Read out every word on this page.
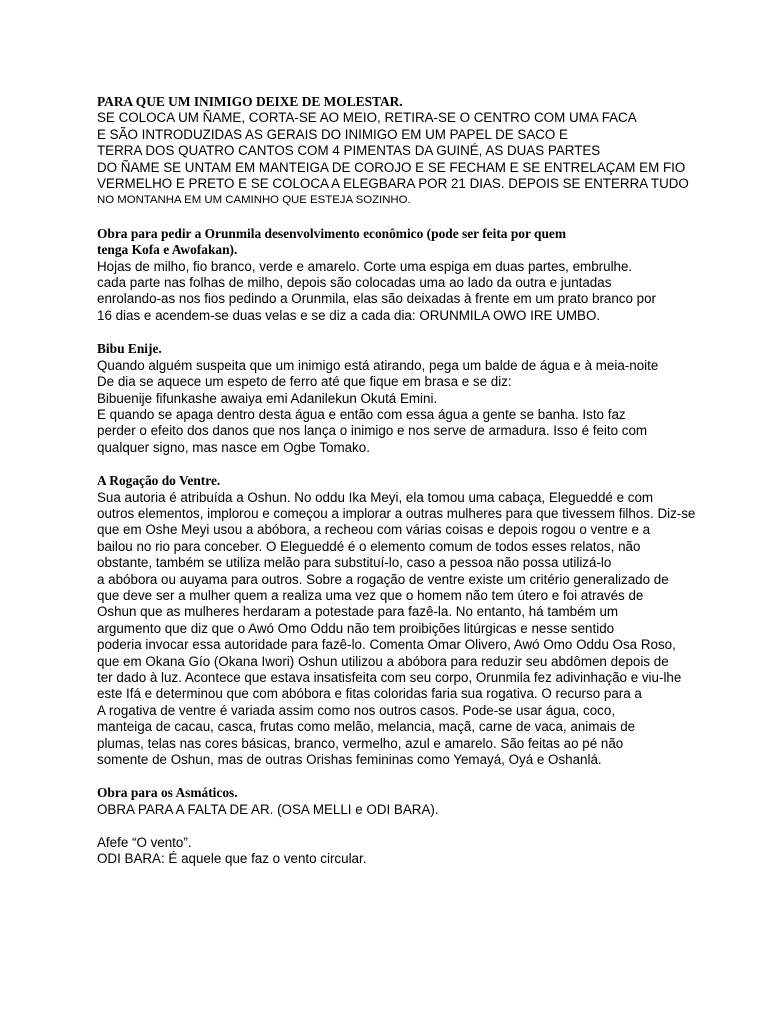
PARA QUE UM INIMIGO DEIXE DE MOLESTAR.
SE COLOCA UM ÑAME, CORTA-SE AO MEIO, RETIRA-SE O CENTRO COM UMA FACA
E SÃO INTRODUZIDAS AS GERAIS DO INIMIGO EM UM PAPEL DE SACO E
TERRA DOS QUATRO CANTOS COM 4 PIMENTAS DA GUINÉ, AS DUAS PARTES
DO ÑAME SE UNTAM EM MANTEIGA DE COROJO E SE FECHAM E SE ENTRELAÇAM EM FIO
VERMELHO E PRETO E SE COLOCA A ELEGBARA POR 21 DIAS. DEPOIS SE ENTERRA TUDO
NO MONTANHA EM UM CAMINHO QUE ESTEJA SOZINHO.
Obra para pedir a Orunmila desenvolvimento econômico (pode ser feita por quem
tenga Kofa e Awofakan).
Hojas de milho, fio branco, verde e amarelo. Corte uma espiga em duas partes, embrulhe.
cada parte nas folhas de milho, depois são colocadas uma ao lado da outra e juntadas
enrolando-as nos fios pedindo a Orunmila, elas são deixadas à frente em um prato branco por
16 dias e acendem-se duas velas e se diz a cada dia: ORUNMILA OWO IRE UMBO.
Bibu Enije.
Quando alguém suspeita que um inimigo está atirando, pega um balde de água e à meia-noite
De dia se aquece um espeto de ferro até que fique em brasa e se diz:
Bibuenije fifunkashe awaiya emi Adanilekun Okutá Emini.
E quando se apaga dentro desta água e então com essa água a gente se banha. Isto faz
perder o efeito dos danos que nos lança o inimigo e nos serve de armadura. Isso é feito com
qualquer signo, mas nasce em Ogbe Tomako.
A Rogação do Ventre.
Sua autoria é atribuída a Oshun. No oddu Ika Meyi, ela tomou uma cabaça, Elegueddé e com
outros elementos, implorou e começou a implorar a outras mulheres para que tivessem filhos. Diz-se
que em Oshe Meyi usou a abóbora, a recheou com várias coisas e depois rogou o ventre e a
bailou no rio para conceber. O Elegueddé é o elemento comum de todos esses relatos, não
obstante, também se utiliza melão para substituí-lo, caso a pessoa não possa utilizá-lo
a abóbora ou auyama para outros. Sobre a rogação de ventre existe um critério generalizado de
que deve ser a mulher quem a realiza uma vez que o homem não tem útero e foi através de
Oshun que as mulheres herdaram a potestade para fazê-la. No entanto, há também um
argumento que diz que o Awó Omo Oddu não tem proibições litúrgicas e nesse sentido
poderia invocar essa autoridade para fazê-lo. Comenta Omar Olivero, Awó Omo Oddu Osa Roso,
que em Okana Gío (Okana Iwori) Oshun utilizou a abóbora para reduzir seu abdômen depois de
ter dado à luz. Acontece que estava insatisfeita com seu corpo, Orunmila fez adivinhação e viu-lhe
este Ifá e determinou que com abóbora e fitas coloridas faria sua rogativa. O recurso para a
A rogativa de ventre é variada assim como nos outros casos. Pode-se usar água, coco,
manteiga de cacau, casca, frutas como melão, melancia, maçã, carne de vaca, animais de
plumas, telas nas cores básicas, branco, vermelho, azul e amarelo. São feitas ao pé não
somente de Oshun, mas de outras Orishas femininas como Yemayá, Oyá e Oshanlá.
Obra para os Asmáticos.
OBRA PARA A FALTA DE AR. (OSA MELLI e ODI BARA).
Afefe “O vento”.
ODI BARA: É aquele que faz o vento circular.
